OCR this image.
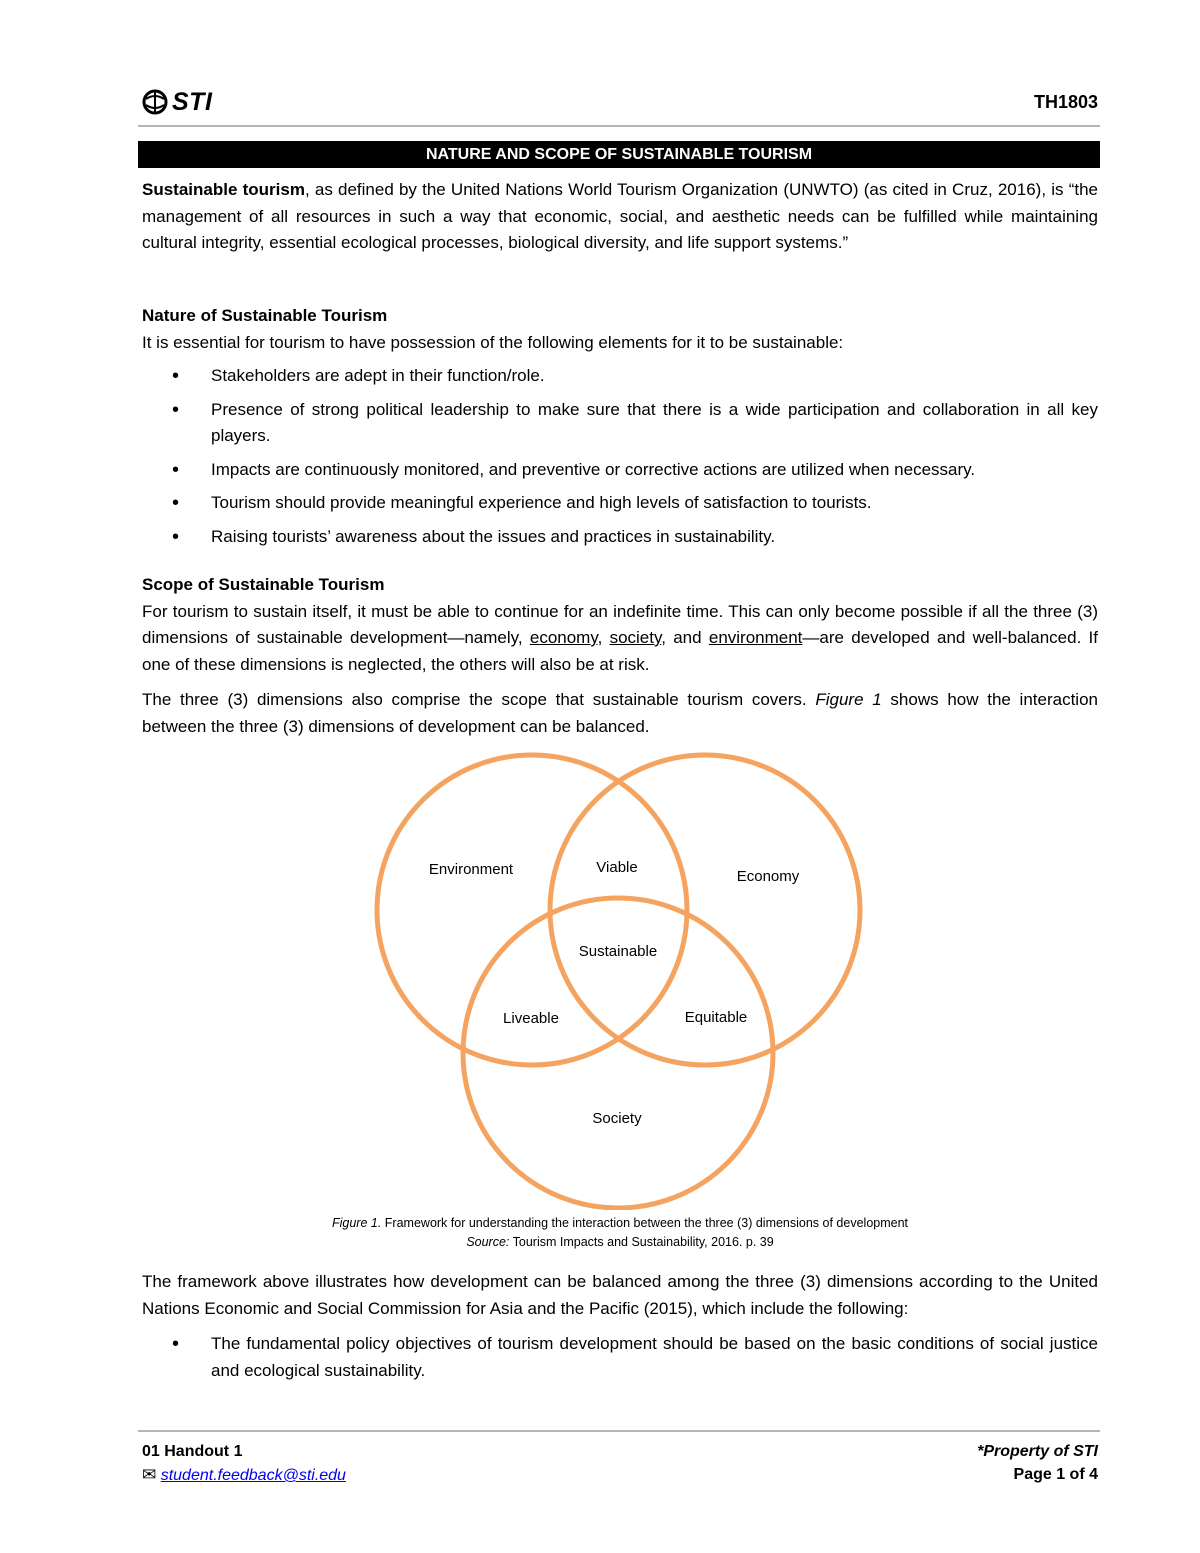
STI	TH1803
NATURE AND SCOPE OF SUSTAINABLE TOURISM

Sustainable tourism, as defined by the United Nations World Tourism Organization (UNWTO) (as cited in Cruz, 2016), is “the management of all resources in such a way that economic, social, and aesthetic needs can be fulfilled while maintaining cultural integrity, essential ecological processes, biological diversity, and life support systems.”

Nature of Sustainable Tourism
It is essential for tourism to have possession of the following elements for it to be sustainable:
• Stakeholders are adept in their function/role.
• Presence of strong political leadership to make sure that there is a wide participation and collaboration in all key players.
• Impacts are continuously monitored, and preventive or corrective actions are utilized when necessary.
• Tourism should provide meaningful experience and high levels of satisfaction to tourists.
• Raising tourists’ awareness about the issues and practices in sustainability.
Scope of Sustainable Tourism

For tourism to sustain itself, it must be able to continue for an indefinite time. This can only become possible if all the three (3) dimensions of sustainable development—namely, economy, society, and environment—are developed and well-balanced. If one of these dimensions is neglected, the others will also be at risk.

The three (3) dimensions also comprise the scope that sustainable tourism covers. Figure 1 shows how the interaction between the three (3) dimensions of development can be balanced.

Environment	Viable
Economy
Sustainable
Liveable	Equitable
Society
Figure 1. Framework for understanding the interaction between the three (3) dimensions of development
Source: Tourism Impacts and Sustainability, 2016. p. 39

The framework above illustrates how development can be balanced among the three (3) dimensions according to the United Nations Economic and Social Commission for Asia and the Pacific (2015), which include the following:

• The fundamental policy objectives of tourism development should be based on the basic conditions of social justice and ecological sustainability.
01 Handout 1
✉ student.feedback@sti.edu
*Property of STI
Page 1 of 4
